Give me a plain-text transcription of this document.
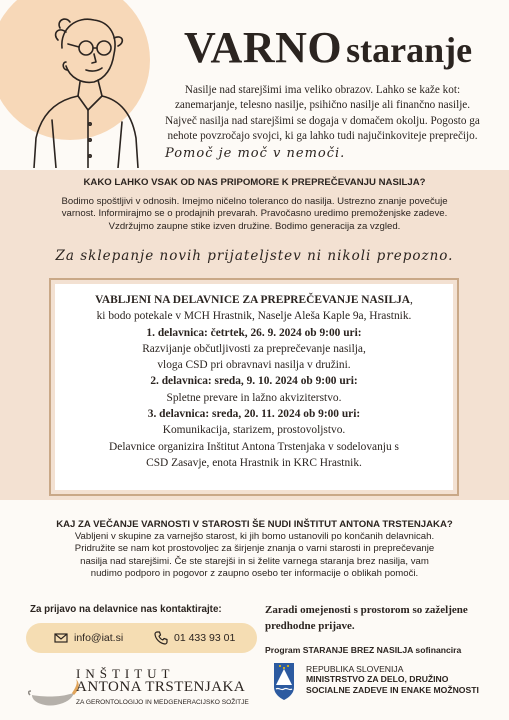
VARNO staranje
Nasilje nad starejšimi ima veliko obrazov. Lahko se kaže kot:
zanemarjanje, telesno nasilje, psihično nasilje ali finančno nasilje.
Največ nasilja nad starejšimi se dogaja v domačem okolju. Pogosto ga
nehote povzročajo svojci, ki ga lahko tudi najučinkoviteje preprečijo.
Pomoč je moč v nemoči.
KAKO LAHKO VSAK OD NAS PRIPOMORE K PREPREČEVANJU NASILJA?
Bodimo spoštljivi v odnosih. Imejmo ničelno toleranco do nasilja. Ustrezno znanje povečuje
varnost. Informirajmo se o prodajnih prevarah. Pravočasno uredimo premoženjske zadeve.
Vzdržujmo zaupne stike izven družine. Bodimo generacija za vzgled.
Za sklepanje novih prijateljstev ni nikoli prepozno.
VABLJENI NA DELAVNICE ZA PREPREČEVANJE NASILJA,
ki bodo potekale v MCH Hrastnik, Naselje Aleša Kaple 9a, Hrastnik.
1. delavnica: četrtek, 26. 9. 2024 ob 9:00 uri:
Razvijanje občutljivosti za preprečevanje nasilja,
vloga CSD pri obravnavi nasilja v družini.
2. delavnica: sreda, 9. 10. 2024 ob 9:00 uri:
Spletne prevare in lažno akviziterstvo.
3. delavnica: sreda, 20. 11. 2024 ob 9:00 uri:
Komunikacija, starizem, prostovoljstvo.
Delavnice organizira Inštitut Antona Trstenjaka v sodelovanju s
CSD Zasavje, enota Hrastnik in KRC Hrastnik.
KAJ ZA VEČANJE VARNOSTI V STAROSTI ŠE NUDI INŠTITUT ANTONA TRSTENJAKA?
Vabljeni v skupine za varnejšo starost, ki jih bomo ustanovili po končanih delavnicah.
Pridružite se nam kot prostovoljec za širjenje znanja o varni starosti in preprečevanje
nasilja nad starejšimi. Če ste starejši in si želite varnega staranja brez nasilja, vam
nudimo podporo in pogovor z zaupno osebo ter informacije o oblikah pomoči.
Za prijavo na delavnice nas kontaktirajte:
info@iat.si	01 433 93 01
Zaradi omejenosti s prostorom so zaželjene predhodne prijave.
Program STARANJE BREZ NASILJA sofinancira
INŠTITUT
ANTONA TRSTENJAKA
ZA GERONTOLOGIJO IN MEDGENERACIJSKO SOŽITJE
REPUBLIKA SLOVENIJA
MINISTRSTVO ZA DELO, DRUŽINO
SOCIALNE ZADEVE IN ENAKE MOŽNOSTI
